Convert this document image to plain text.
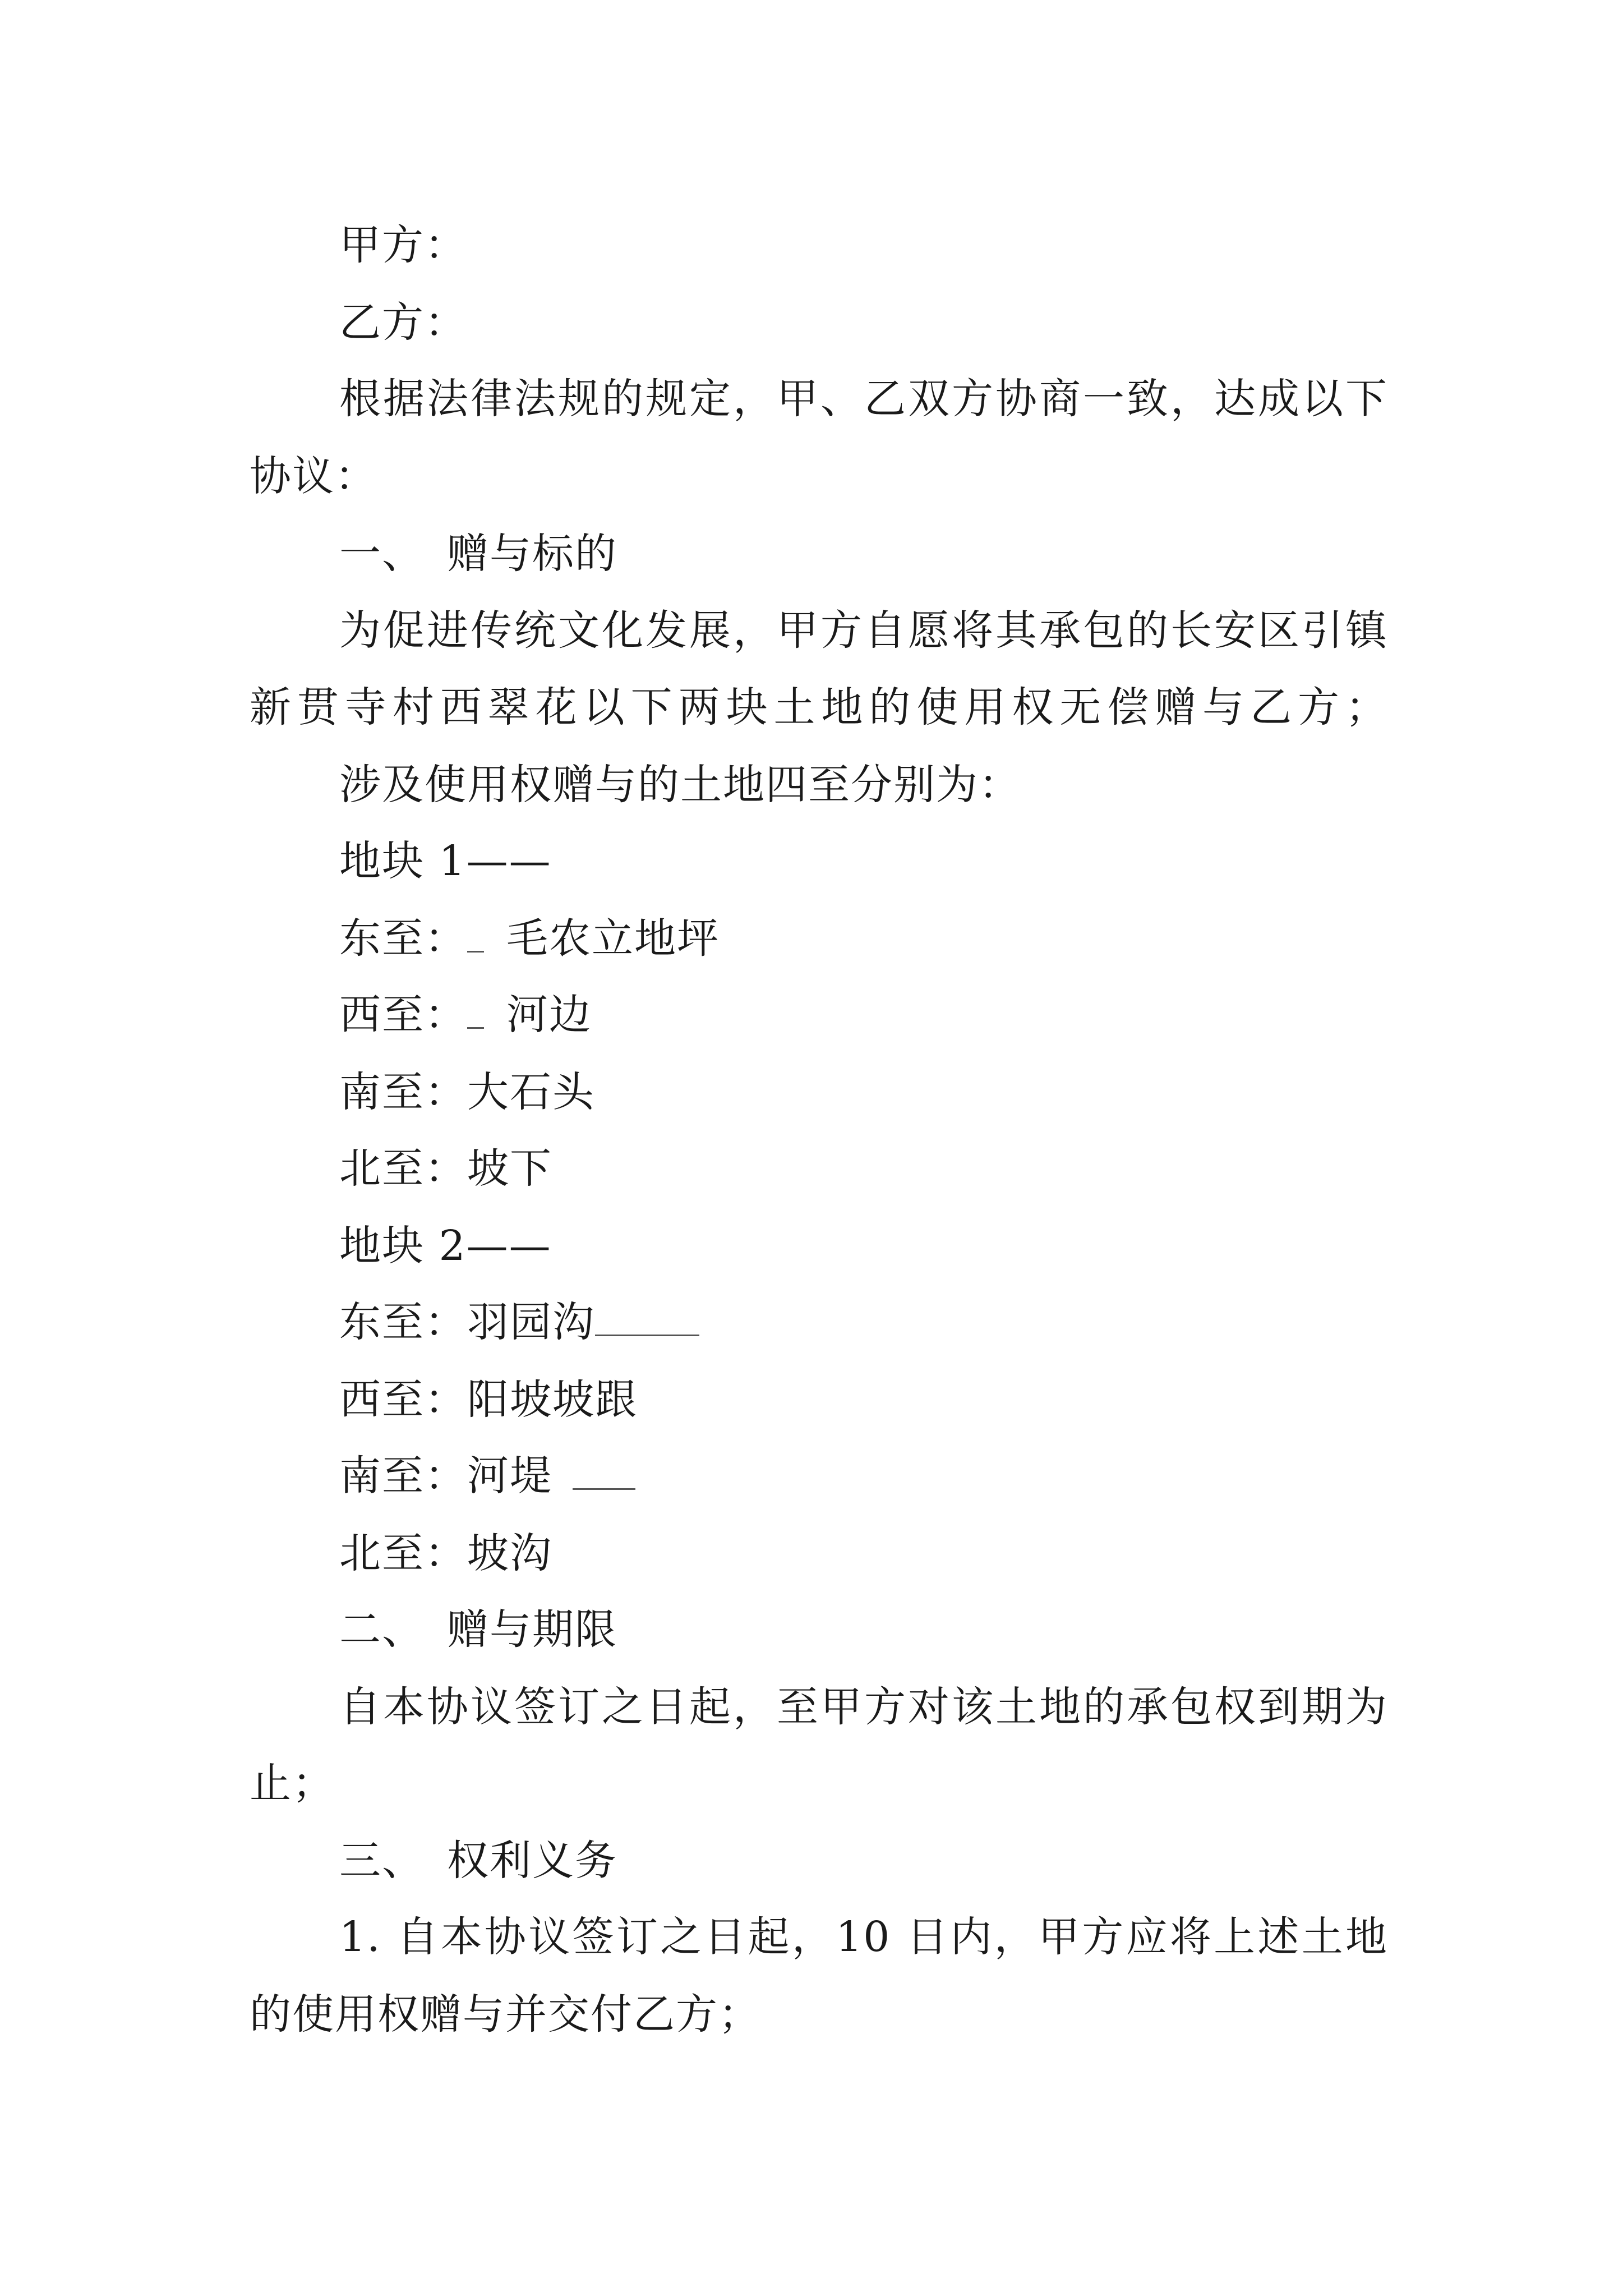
甲方：

乙方：

根据法律法规的规定，甲、乙双方协商一致，达成以下

协议：

一、 赠与标的

为促进传统文化发展，甲方自愿将其承包的长安区引镇

新贯寺村西翠花以下两块土地的使用权无偿赠与乙方；

涉及使用权赠与的土地四至分别为：

地块 1——

东至： 毛农立地坪

西至： 河边

南至：大石头

北至：坡下

地块 2——

东至：羽园沟

西至：阳坡坡跟

南至：河堤

北至：坡沟

二、 赠与期限

自本协议签订之日起，至甲方对该土地的承包权到期为

止；

三、 权利义务

1. 自本协议签订之日起，10 日内，甲方应将上述土地

的使用权赠与并交付乙方；
